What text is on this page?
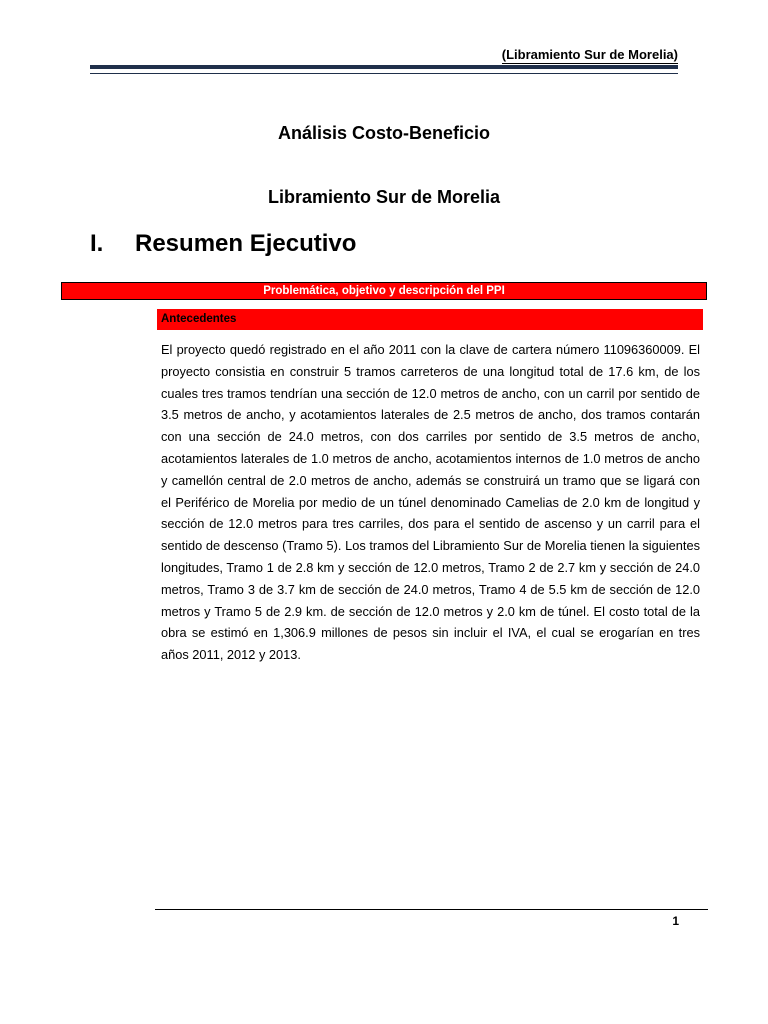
(Libramiento Sur de Morelia)
Análisis Costo-Beneficio
Libramiento Sur de Morelia
I.	Resumen Ejecutivo
Problemática, objetivo y descripción del PPI
Antecedentes

El proyecto quedó registrado en el año 2011 con la clave de cartera número 11096360009. El proyecto consistia en construir 5 tramos carreteros de una longitud total de 17.6 km, de los cuales tres tramos tendrían una sección de 12.0 metros de ancho, con un carril por sentido de 3.5 metros de ancho, y acotamientos laterales de 2.5 metros de ancho, dos tramos contarán con una sección de 24.0 metros, con dos carriles por sentido de 3.5 metros de ancho, acotamientos laterales de 1.0 metros de ancho, acotamientos internos de 1.0 metros de ancho y camellón central de 2.0 metros de ancho, además se construirá un tramo que se ligará con el Periférico de Morelia por medio de un túnel denominado Camelias de 2.0 km de longitud y sección de 12.0 metros para tres carriles, dos para el sentido de ascenso y un carril para el sentido de descenso (Tramo 5). Los tramos del Libramiento Sur de Morelia tienen la siguientes longitudes, Tramo 1 de 2.8 km y sección de 12.0 metros, Tramo 2 de 2.7 km y sección de 24.0 metros, Tramo 3 de 3.7 km de sección de 24.0 metros, Tramo 4 de 5.5 km de sección de 12.0 metros y Tramo 5 de 2.9 km. de sección de 12.0 metros y 2.0 km de túnel. El costo total de la obra se estimó en 1,306.9 millones de pesos sin incluir el IVA, el cual se erogarían en tres años 2011, 2012 y 2013.

1
